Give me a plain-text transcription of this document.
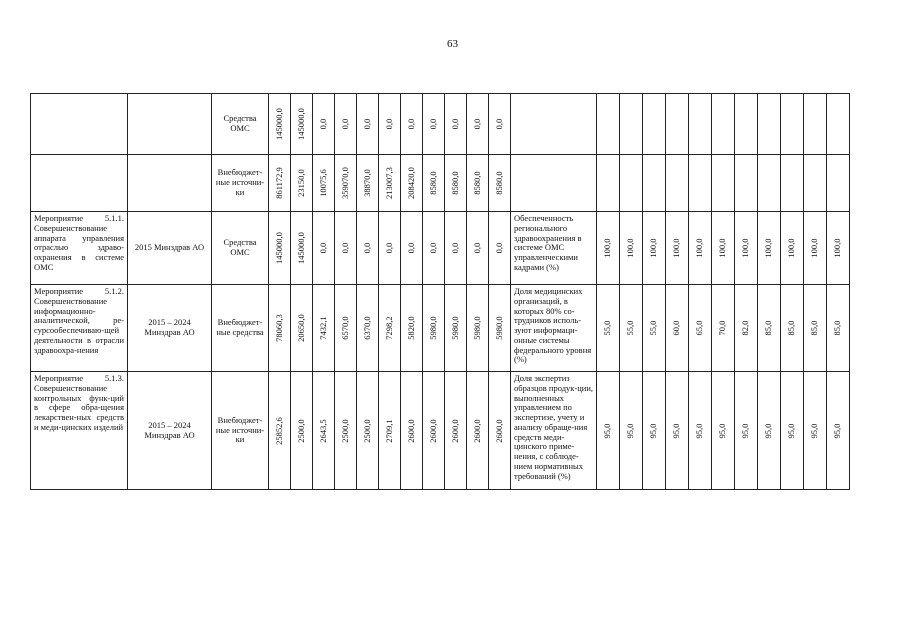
63
		Средства ОМС	145000,0	145000,0	0,0	0,0	0,0	0,0	0,0	0,0	0,0	0,0	0,0												

		Внебюджет-ные источни-ки	861172,9	23150,0	10075,6	359070,0	38870,0	213007,3	208420,0	8580,0	8580,0	8580,0	8580,0												

Мероприятие 5.1.1. Совершенствование аппарата управления отраслью здраво-охранения в системе ОМС	2015 Минздрав АО	Средства ОМС	145000,0	145000,0	0,0	0,0	0,0	0,0	0,0	0,0	0,0	0,0	0,0	Обеспеченность регионального здравоохранения в системе ОМС управленческими кадрами (%)	100,0	100,0	100,0	100,0	100,0	100,0	100,0	100,0	100,0	100,0	100,0

Мероприятие 5.1.2. Совершенствование информационно-аналитической, ре-сурсообеспечиваю-щей деятельности в отрасли здравоохра-нения	2015 – 2024 Минздрав АО	Внебюджет-ные средства	78060,3	20650,0	7432,1	6570,0	6370,0	7298,2	5820,0	5980,0	5980,0	5980,0	5980,0	Доля медицинских организаций, в которых 80% со-трудников исполь-зуют информаци-онные системы федерального уровня (%)	55,0	55,0	55,0	60,0	65,0	70,0	82,0	85,0	85,0	85,0	85,0

Мероприятие 5.1.3. Совершенствование контрольных функ-ций в сфере обра-щения лекарствен-ных средств и меди-цинских изделий	2015 – 2024 Минздрав АО	Внебюджет-ные источни-ки	25852,6	2500,0	2643,5	2500,0	2500,0	2709,1	2600,0	2600,0	2600,0	2600,0	2600,0	Доля экспертиз образцов продук-ции, выполненных управлением по экспертизе, учету и анализу обраще-ния средств меди-цинского приме-нения, с соблюде-нием нормативных требований (%)	95,0	95,0	95,0	95,0	95,0	95,0	95,0	95,0	95,0	95,0	95,0
